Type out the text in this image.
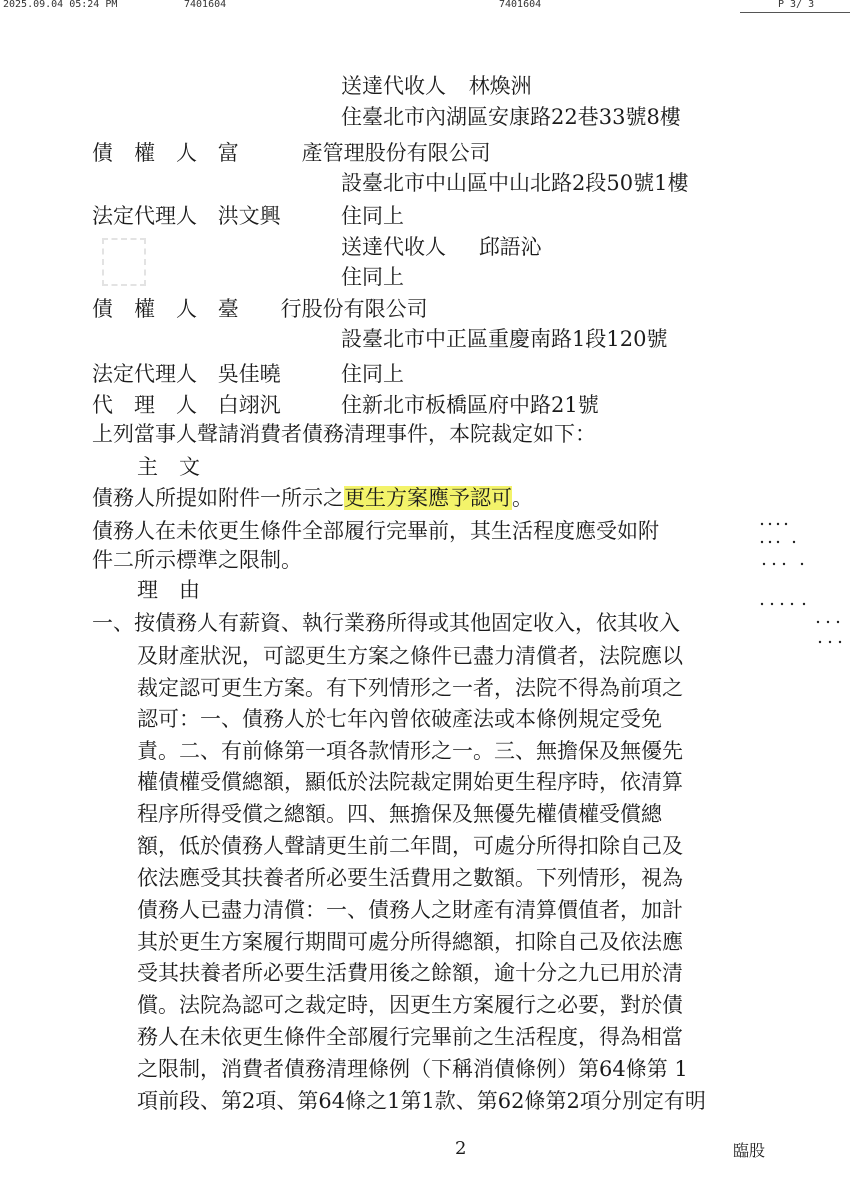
2025.09.04 05:24 PM	7401604	7401604	P 3/ 3
送達代收人 林煥洲
住臺北市內湖區安康路22巷33號8樓
債　權　人 富　　　產管理股份有限公司
設臺北市中山區中山北路2段50號1樓
法定代理人 洪文興	住同上
送達代收人 邱語沁
住同上
債　權　人 臺　　行股份有限公司
設臺北市中正區重慶南路1段120號
法定代理人 吳佳曉	住同上
代　理　人 白翊汎	住新北市板橋區府中路21號
上列當事人聲請消費者債務清理事件，本院裁定如下：
主　文
債務人所提如附件一所示之更生方案應予認可。
債務人在未依更生條件全部履行完畢前，其生活程度應受如附
件二所示標準之限制。
理　由
一、按債務人有薪資、執行業務所得或其他固定收入，依其收入
及財產狀況，可認更生方案之條件已盡力清償者，法院應以
裁定認可更生方案。有下列情形之一者，法院不得為前項之
認可：一、債務人於七年內曾依破產法或本條例規定受免
責。二、有前條第一項各款情形之一。三、無擔保及無優先
權債權受償總額，顯低於法院裁定開始更生程序時，依清算
程序所得受償之總額。四、無擔保及無優先權債權受償總
額，低於債務人聲請更生前二年間，可處分所得扣除自己及
依法應受其扶養者所必要生活費用之數額。下列情形，視為
債務人已盡力清償：一、債務人之財產有清算價值者，加計
其於更生方案履行期間可處分所得總額，扣除自己及依法應
受其扶養者所必要生活費用後之餘額，逾十分之九已用於清
償。法院為認可之裁定時，因更生方案履行之必要，對於債
務人在未依更生條件全部履行完畢前之生活程度，得為相當
之限制，消費者債務清理條例（下稱消債條例）第64條第 1
項前段、第2項、第64條之1第1款、第62條第2項分別定有明
2	臨股
